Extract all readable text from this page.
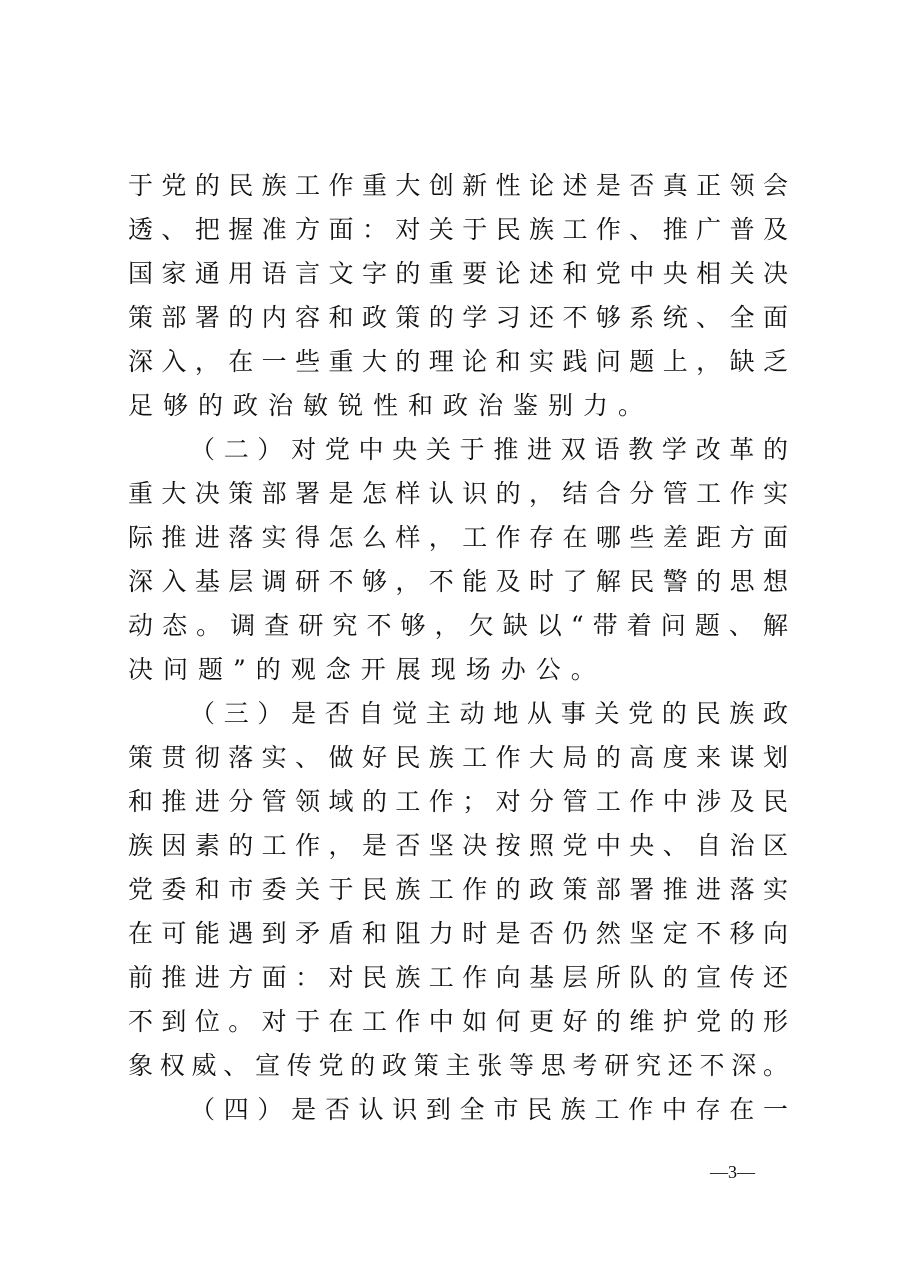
于党的民族工作重大创新性论述是否真正领会
透、把握准方面：对关于民族工作、推广普及
国家通用语言文字的重要论述和党中央相关决
策部署的内容和政策的学习还不够系统、全面
深入，在一些重大的理论和实践问题上，缺乏
足够的政治敏锐性和政治鉴别力。
（二）对党中央关于推进双语教学改革的
重大决策部署是怎样认识的，结合分管工作实
际推进落实得怎么样，工作存在哪些差距方面
深入基层调研不够，不能及时了解民警的思想
动态。调查研究不够，欠缺以“带着问题、解
决问题”的观念开展现场办公。
（三）是否自觉主动地从事关党的民族政
策贯彻落实、做好民族工作大局的高度来谋划
和推进分管领域的工作；对分管工作中涉及民
族因素的工作，是否坚决按照党中央、自治区
党委和市委关于民族工作的政策部署推进落实
在可能遇到矛盾和阻力时是否仍然坚定不移向
前推进方面：对民族工作向基层所队的宣传还
不到位。对于在工作中如何更好的维护党的形
象权威、宣传党的政策主张等思考研究还不深。
（四）是否认识到全市民族工作中存在一
—3—
